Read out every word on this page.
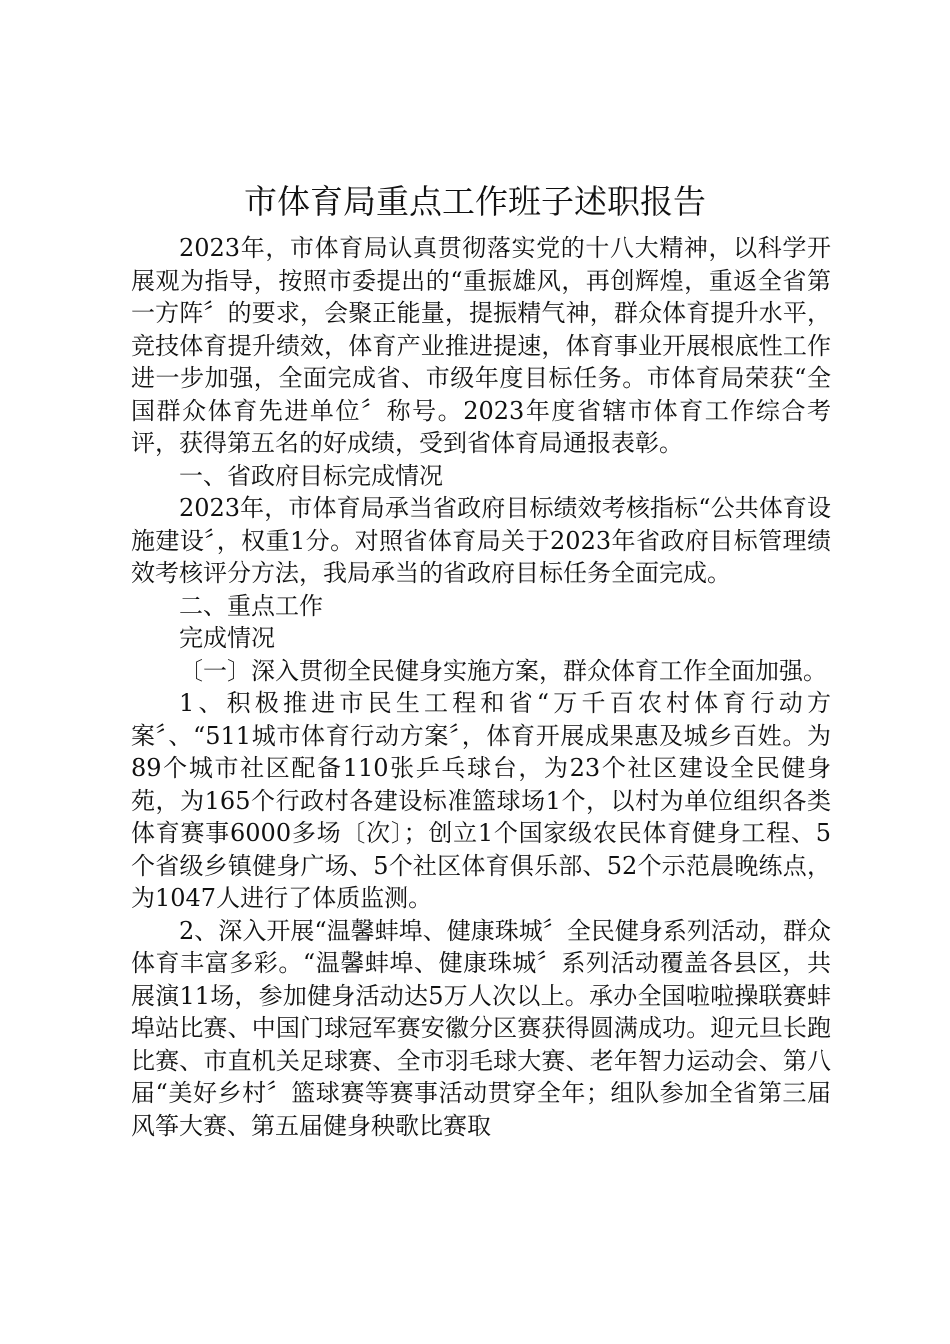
市体育局重点工作班子述职报告

2023年，市体育局认真贯彻落实党的十八大精神，以科学开展观为指导，按照市委提出的“重振雄风，再创辉煌，重返全省第一方阵〞的要求，会聚正能量，提振精气神，群众体育提升水平，竞技体育提升绩效，体育产业推进提速，体育事业开展根底性工作进一步加强，全面完成省、市级年度目标任务。市体育局荣获“全国群众体育先进单位〞称号。2023年度省辖市体育工作综合考评，获得第五名的好成绩，受到省体育局通报表彰。

一、省政府目标完成情况

2023年，市体育局承当省政府目标绩效考核指标“公共体育设施建设〞，权重1分。对照省体育局关于2023年省政府目标管理绩效考核评分方法，我局承当的省政府目标任务全面完成。

二、重点工作

完成情况

〔一〕深入贯彻全民健身实施方案，群众体育工作全面加强。

1、积极推进市民生工程和省“万千百农村体育行动方案〞、“511城市体育行动方案〞，体育开展成果惠及城乡百姓。为89个城市社区配备110张乒乓球台，为23个社区建设全民健身苑，为165个行政村各建设标准篮球场1个，以村为单位组织各类体育赛事6000多场〔次〕；创立1个国家级农民体育健身工程、5个省级乡镇健身广场、5个社区体育俱乐部、52个示范晨晚练点，为1047人进行了体质监测。

2、深入开展“温馨蚌埠、健康珠城〞全民健身系列活动，群众体育丰富多彩。“温馨蚌埠、健康珠城〞系列活动覆盖各县区，共展演11场，参加健身活动达5万人次以上。承办全国啦啦操联赛蚌埠站比赛、中国门球冠军赛安徽分区赛获得圆满成功。迎元旦长跑比赛、市直机关足球赛、全市羽毛球大赛、老年智力运动会、第八届“美好乡村〞篮球赛等赛事活动贯穿全年；组队参加全省第三届风筝大赛、第五届健身秧歌比赛取
